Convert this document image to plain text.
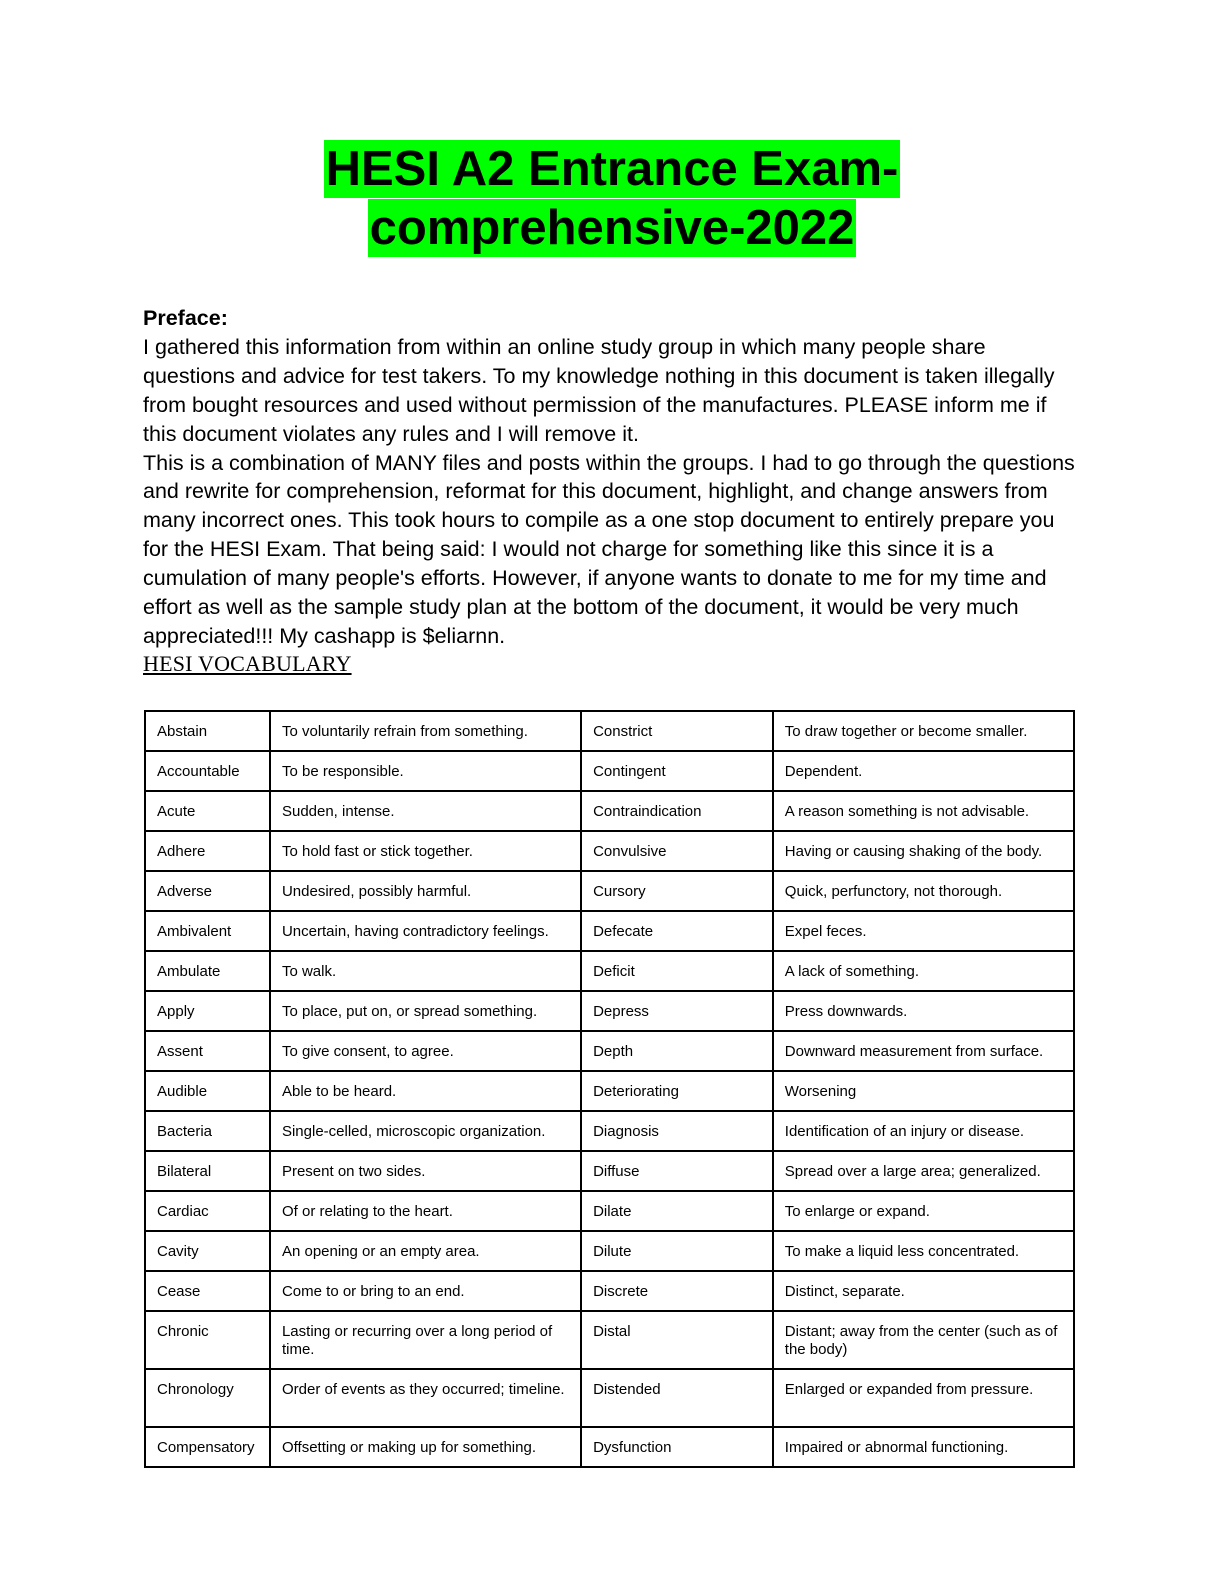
HESI A2 Entrance Exam-
comprehensive-2022
Preface:

I gathered this information from within an online study group in which many people share questions and advice for test takers. To my knowledge nothing in this document is taken illegally from bought resources and used without permission of the manufactures. PLEASE inform me if this document violates any rules and I will remove it.

This is a combination of MANY files and posts within the groups. I had to go through the questions and rewrite for comprehension, reformat for this document, highlight, and change answers from many incorrect ones. This took hours to compile as a one stop document to entirely prepare you for the HESI Exam. That being said: I would not charge for something like this since it is a cumulation of many people's efforts. However, if anyone wants to donate to me for my time and effort as well as the sample study plan at the bottom of the document, it would be very much appreciated!!! My cashapp is $eliarnn.

HESI VOCABULARY
Abstain	To voluntarily refrain from something.	Constrict	To draw together or become smaller.
Accountable	To be responsible.	Contingent	Dependent.
Acute	Sudden, intense.	Contraindication	A reason something is not advisable.
Adhere	To hold fast or stick together.	Convulsive	Having or causing shaking of the body.
Adverse	Undesired, possibly harmful.	Cursory	Quick, perfunctory, not thorough.
Ambivalent	Uncertain, having contradictory feelings.	Defecate	Expel feces.
Ambulate	To walk.	Deficit	A lack of something.
Apply	To place, put on, or spread something.	Depress	Press downwards.
Assent	To give consent, to agree.	Depth	Downward measurement from surface.
Audible	Able to be heard.	Deteriorating	Worsening
Bacteria	Single-celled, microscopic organization.	Diagnosis	Identification of an injury or disease.
Bilateral	Present on two sides.	Diffuse	Spread over a large area; generalized.
Cardiac	Of or relating to the heart.	Dilate	To enlarge or expand.
Cavity	An opening or an empty area.	Dilute	To make a liquid less concentrated.
Cease	Come to or bring to an end.	Discrete	Distinct, separate.
Chronic	Lasting or recurring over a long period of time.	Distal	Distant; away from the center (such as of the body)
Chronology	Order of events as they occurred; timeline.	Distended	Enlarged or expanded from pressure.
Compensatory	Offsetting or making up for something.	Dysfunction	Impaired or abnormal functioning.
